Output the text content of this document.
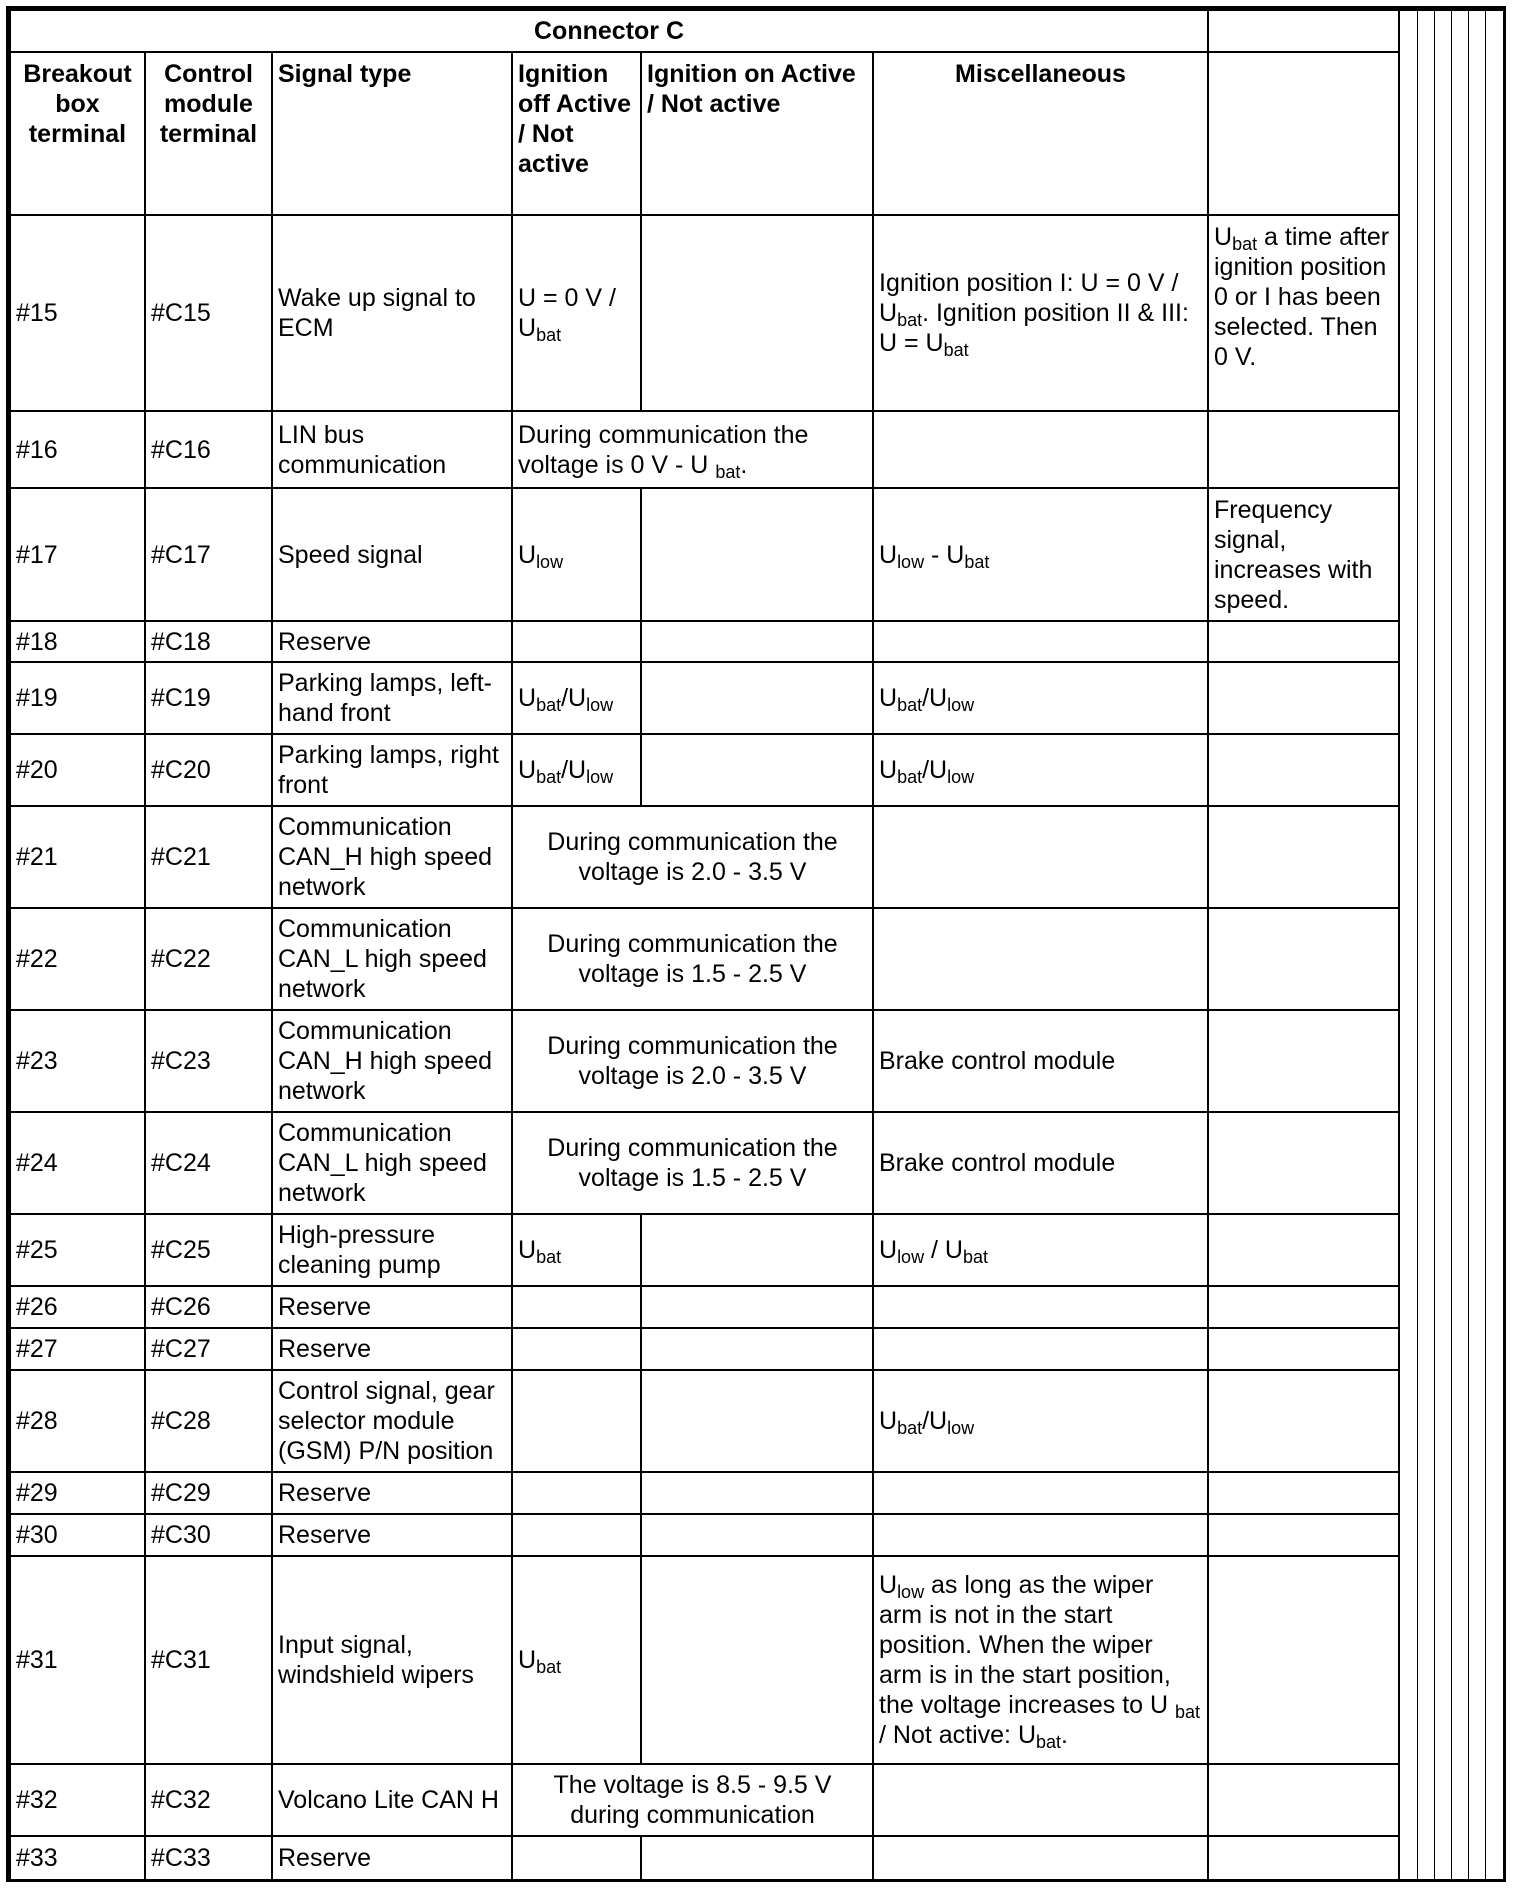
Connector C												
Breakout box terminal	Control module terminal	Signal type	Ignition off Active / Not active	Ignition on Active / Not active	Miscellaneous							
#15	#C15	Wake up signal to ECM	U = 0 V / $U_{bat}$		Ignition position I: U = 0 V / $U_{bat}$. Ignition position II & III: $U = U_{bat}$	$U_{bat}$ a time after ignition position 0 or I has been selected. Then 0 V.						
#16	#C16	LIN bus communication	During communication the voltage is 0 V - U $_{bat}$.									
#17	#C17	Speed signal	$U_{low}$		$U_{low} - U_{bat}$	Frequency signal, increases with speed.						
#18	#C18	Reserve										
#19	#C19	Parking lamps, left-hand front	$U_{bat}/U_{low}$		$U_{bat}/U_{low}$	
#20	#C20	Parking lamps, right front	$U_{bat}/U_{low}$		$U_{bat}/U_{low}$	
#21	#C21	Communication CAN_H high speed network	During communication the voltage is 2.0 - 3.5 V									
#22	#C22	Communication CAN_L high speed network	During communication the voltage is 1.5 - 2.5 V									
#23	#C23	Communication CAN_H high speed network	During communication the voltage is 2.0 - 3.5 V		Brake control module							
#24	#C24	Communication CAN_L high speed network	During communication the voltage is 1.5 - 2.5 V		Brake control module							
#25	#C25	High-pressure cleaning pump	$U_{bat}$		$U_{low} / U_{bat}$	
#26	#C26	Reserve										
#27	#C27	Reserve										
#28	#C28	Control signal, gear selector module (GSM) P/N position			$U_{bat}/U_{low}$	
#29	#C29	Reserve										
#30	#C30	Reserve										
#31	#C31	Input signal, windshield wipers	$U_{bat}$		$U_{low}$ as long as the wiper arm is not in the start position. When the wiper arm is in the start position, the voltage increases to U $_{bat}$ / Not active: $U_{bat}$.							
#32	#C32	Volcano Lite CAN H	The voltage is 8.5 - 9.5 V during communication									
#33	#C33	Reserve										
